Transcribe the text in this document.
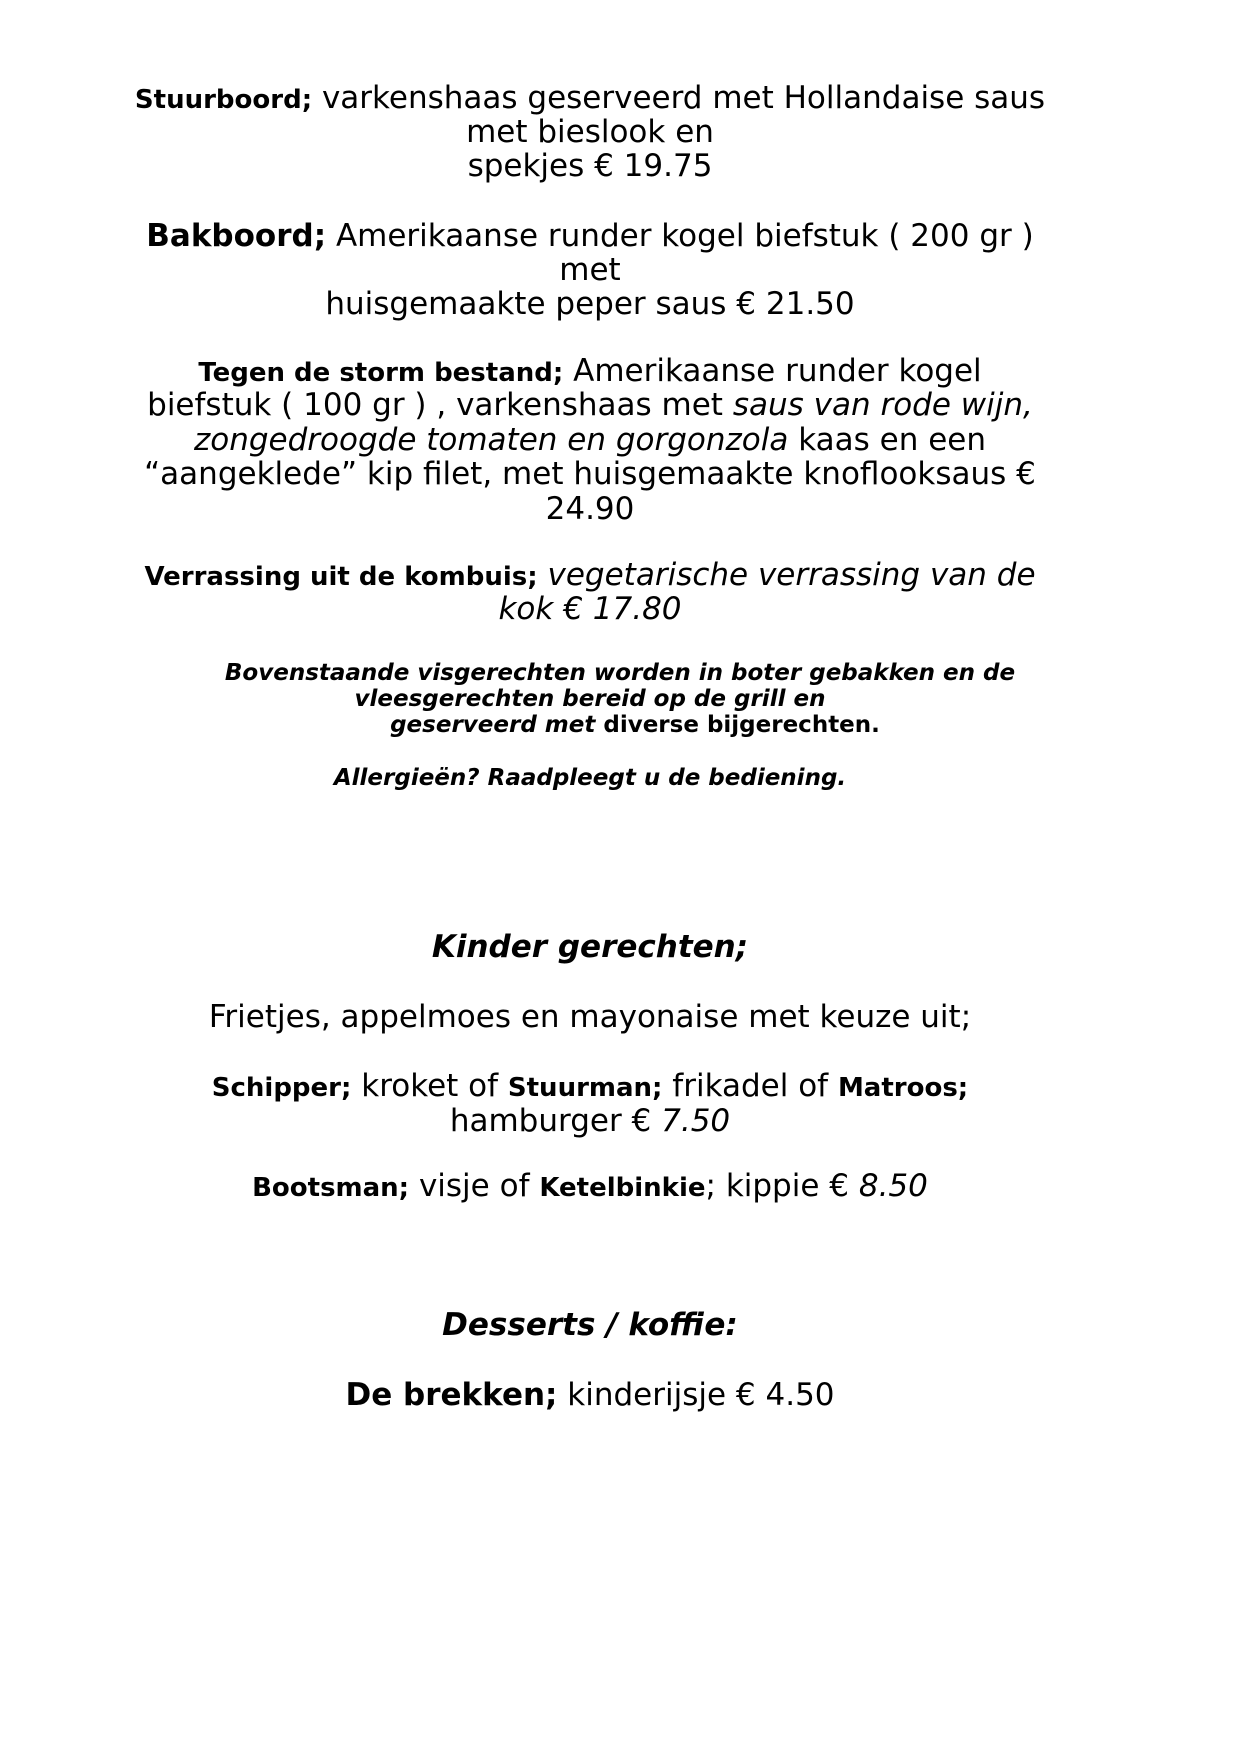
Stuurboord; varkenshaas geserveerd met Hollandaise saus
met bieslook en
spekjes € 19.75
Bakboord; Amerikaanse runder kogel biefstuk ( 200 gr )
met
huisgemaakte peper saus € 21.50
Tegen de storm bestand; Amerikaanse runder kogel
biefstuk ( 100 gr ) , varkenshaas met saus van rode wijn,
zongedroogde tomaten en gorgonzola kaas en een
“aangeklede” kip filet, met huisgemaakte knoflooksaus €
24.90
Verrassing uit de kombuis; vegetarische verrassing van de
kok € 17.80
Bovenstaande visgerechten worden in boter gebakken en de
vleesgerechten bereid op de grill en
geserveerd met diverse bijgerechten.
Allergieën? Raadpleegt u de bediening.
Kinder gerechten;
Frietjes, appelmoes en mayonaise met keuze uit;
Schipper; kroket of Stuurman; frikadel of Matroos;
hamburger € 7.50
Bootsman; visje of Ketelbinkie; kippie € 8.50
Desserts / koffie:
De brekken; kinderijsje € 4.50
